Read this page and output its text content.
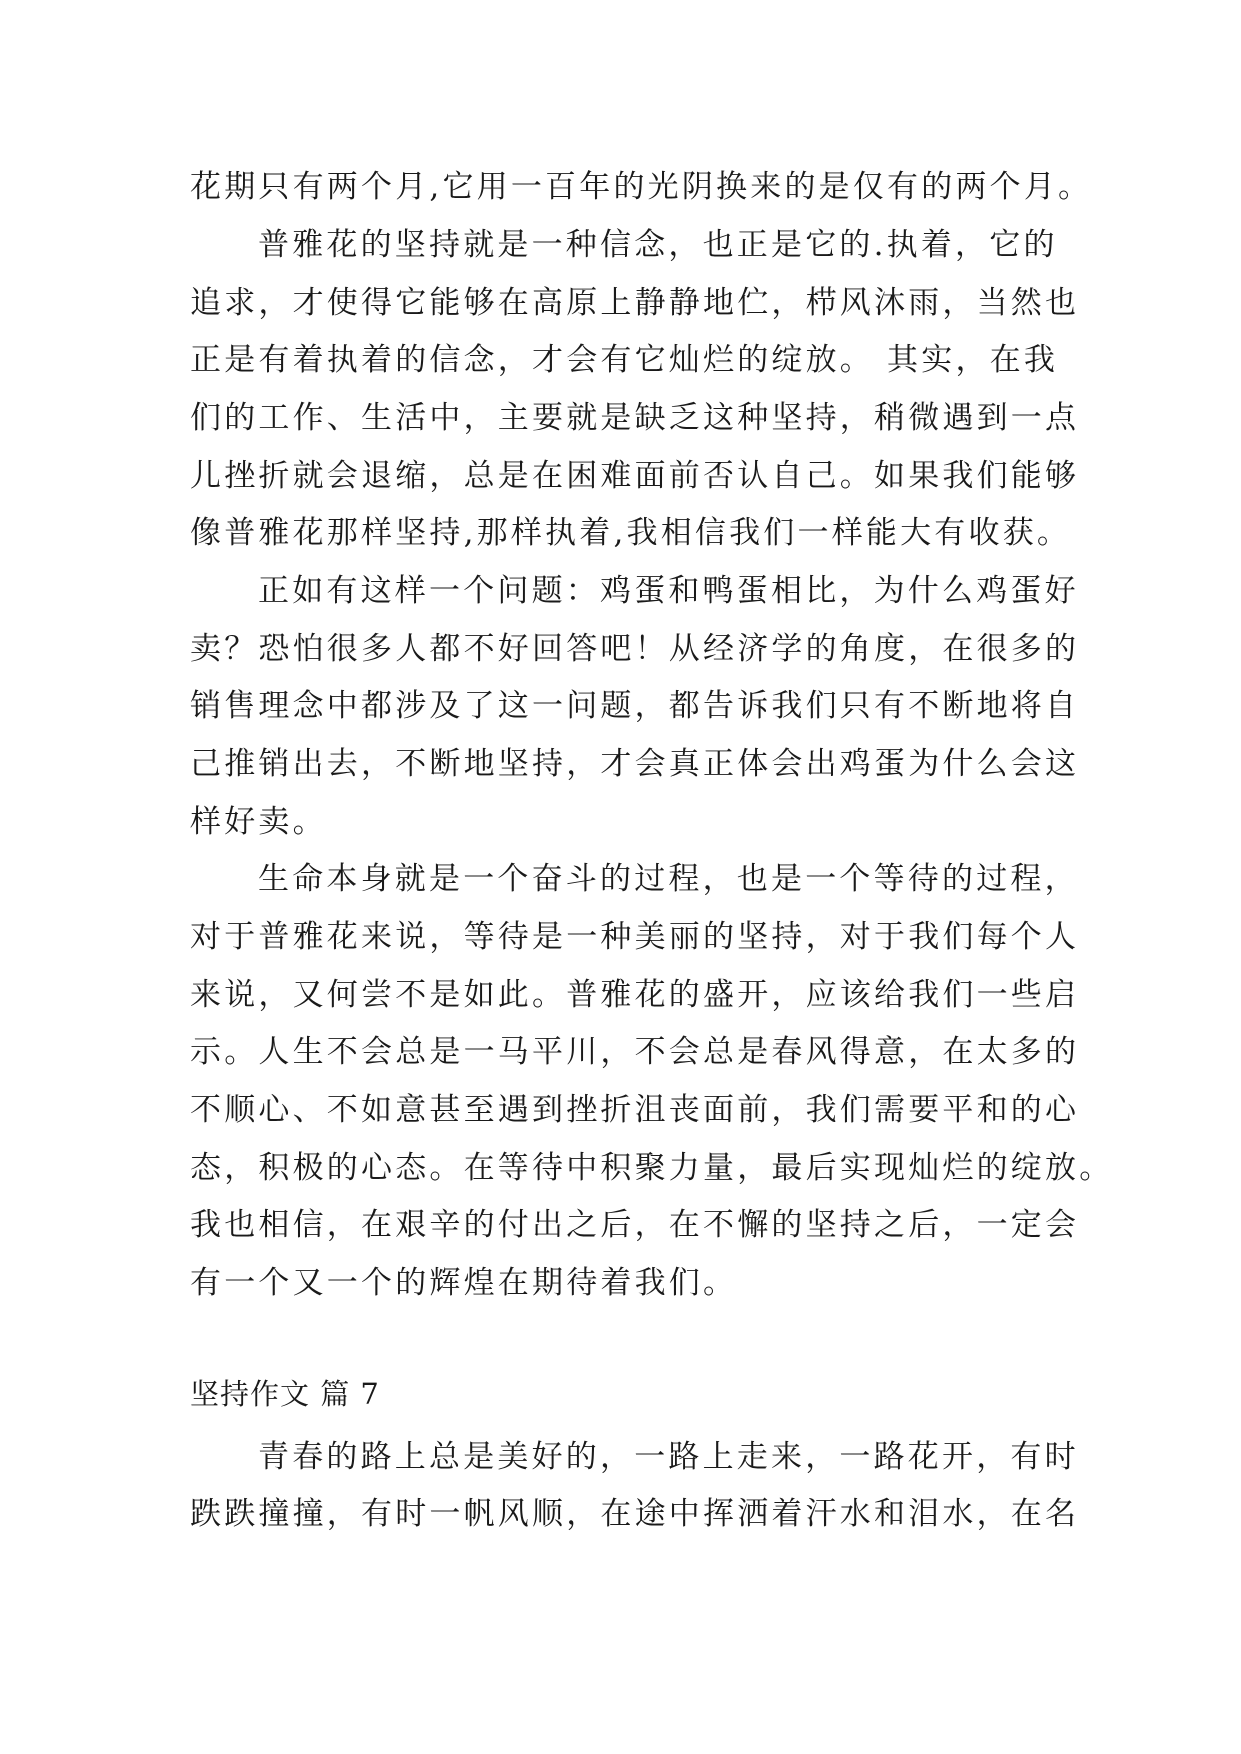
花期只有两个月,它用一百年的光阴换来的是仅有的两个月。
普雅花的坚持就是一种信念，也正是它的.执着，它的
追求，才使得它能够在高原上静静地伫，栉风沐雨，当然也
正是有着执着的信念，才会有它灿烂的绽放。 其实，在我
们的工作、生活中，主要就是缺乏这种坚持，稍微遇到一点
儿挫折就会退缩，总是在困难面前否认自己。如果我们能够
像普雅花那样坚持,那样执着,我相信我们一样能大有收获。
正如有这样一个问题：鸡蛋和鸭蛋相比，为什么鸡蛋好
卖？恐怕很多人都不好回答吧！从经济学的角度，在很多的
销售理念中都涉及了这一问题，都告诉我们只有不断地将自
己推销出去，不断地坚持，才会真正体会出鸡蛋为什么会这
样好卖。
生命本身就是一个奋斗的过程，也是一个等待的过程，
对于普雅花来说，等待是一种美丽的坚持，对于我们每个人
来说，又何尝不是如此。普雅花的盛开，应该给我们一些启
示。人生不会总是一马平川，不会总是春风得意，在太多的
不顺心、不如意甚至遇到挫折沮丧面前，我们需要平和的心
态，积极的心态。在等待中积聚力量，最后实现灿烂的绽放。
我也相信，在艰辛的付出之后，在不懈的坚持之后，一定会
有一个又一个的辉煌在期待着我们。
坚持作文 篇 7
青春的路上总是美好的，一路上走来，一路花开，有时
跌跌撞撞，有时一帆风顺，在途中挥洒着汗水和泪水，在名
